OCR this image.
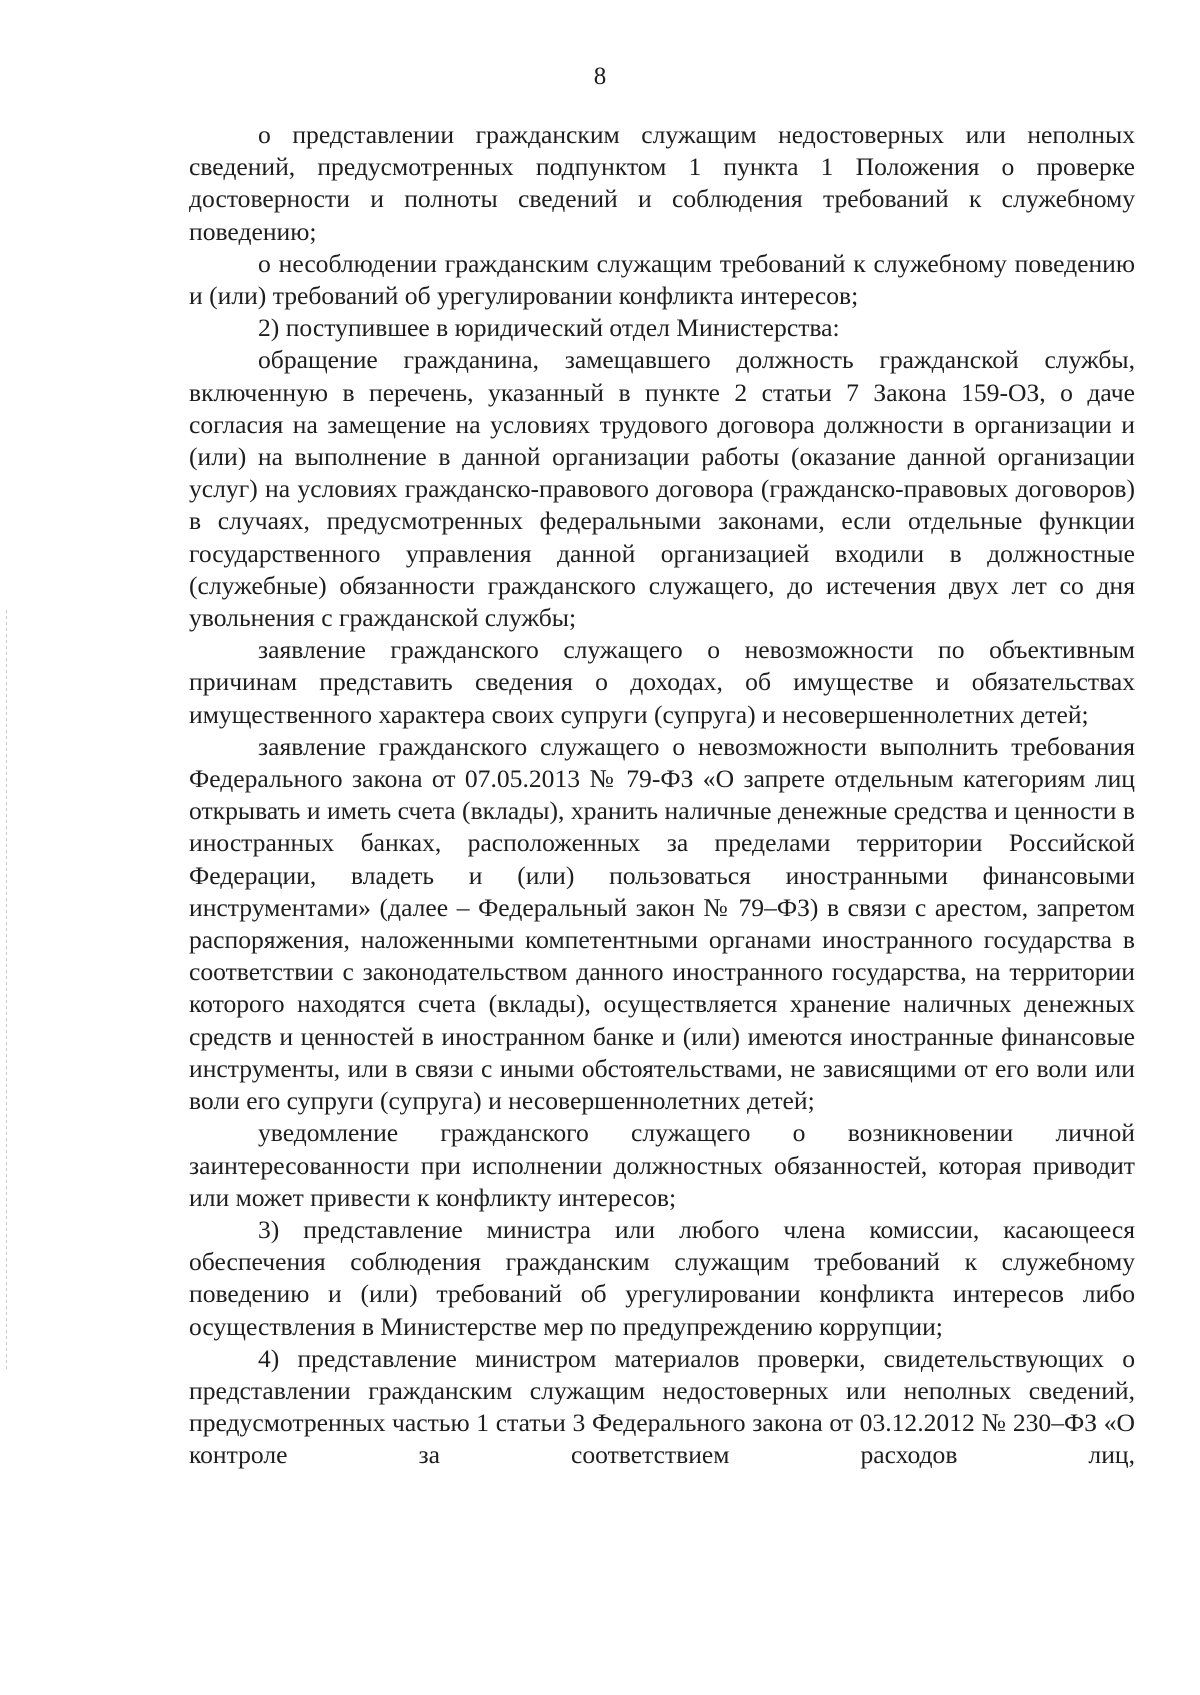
8

о представлении гражданским служащим недостоверных или неполных сведений, предусмотренных подпунктом 1 пункта 1 Положения о проверке достоверности и полноты сведений и соблюдения требований к служебному поведению;

о несоблюдении гражданским служащим требований к служебному поведению и (или) требований об урегулировании конфликта интересов;

2) поступившее в юридический отдел Министерства:

обращение гражданина, замещавшего должность гражданской службы, включенную в перечень, указанный в пункте 2 статьи 7 Закона 159-ОЗ, о даче согласия на замещение на условиях трудового договора должности в организации и (или) на выполнение в данной организации работы (оказание данной организации услуг) на условиях гражданско-правового договора (гражданско-правовых договоров) в случаях, предусмотренных федеральными законами, если отдельные функции государственного управления данной организацией входили в должностные (служебные) обязанности гражданского служащего, до истечения двух лет со дня увольнения с гражданской службы;

заявление гражданского служащего о невозможности по объективным причинам представить сведения о доходах, об имуществе и обязательствах имущественного характера своих супруги (супруга) и несовершеннолетних детей;

заявление гражданского служащего о невозможности выполнить требования Федерального закона от 07.05.2013 № 79-ФЗ «О запрете отдельным категориям лиц открывать и иметь счета (вклады), хранить наличные денежные средства и ценности в иностранных банках, расположенных за пределами территории Российской Федерации, владеть и (или) пользоваться иностранными финансовыми инструментами» (далее – Федеральный закон № 79–ФЗ) в связи с арестом, запретом распоряжения, наложенными компетентными органами иностранного государства в соответствии с законодательством данного иностранного государства, на территории которого находятся счета (вклады), осуществляется хранение наличных денежных средств и ценностей в иностранном банке и (или) имеются иностранные финансовые инструменты, или в связи с иными обстоятельствами, не зависящими от его воли или воли его супруги (супруга) и несовершеннолетних детей;

уведомление гражданского служащего о возникновении личной заинтересованности при исполнении должностных обязанностей, которая приводит или может привести к конфликту интересов;

3) представление министра или любого члена комиссии, касающееся обеспечения соблюдения гражданским служащим требований к служебному поведению и (или) требований об урегулировании конфликта интересов либо осуществления в Министерстве мер по предупреждению коррупции;

4) представление министром материалов проверки, свидетельствующих о представлении гражданским служащим недостоверных или неполных сведений, предусмотренных частью 1 статьи 3 Федерального закона от 03.12.2012 № 230–ФЗ «О контроле за соответствием расходов лиц,
